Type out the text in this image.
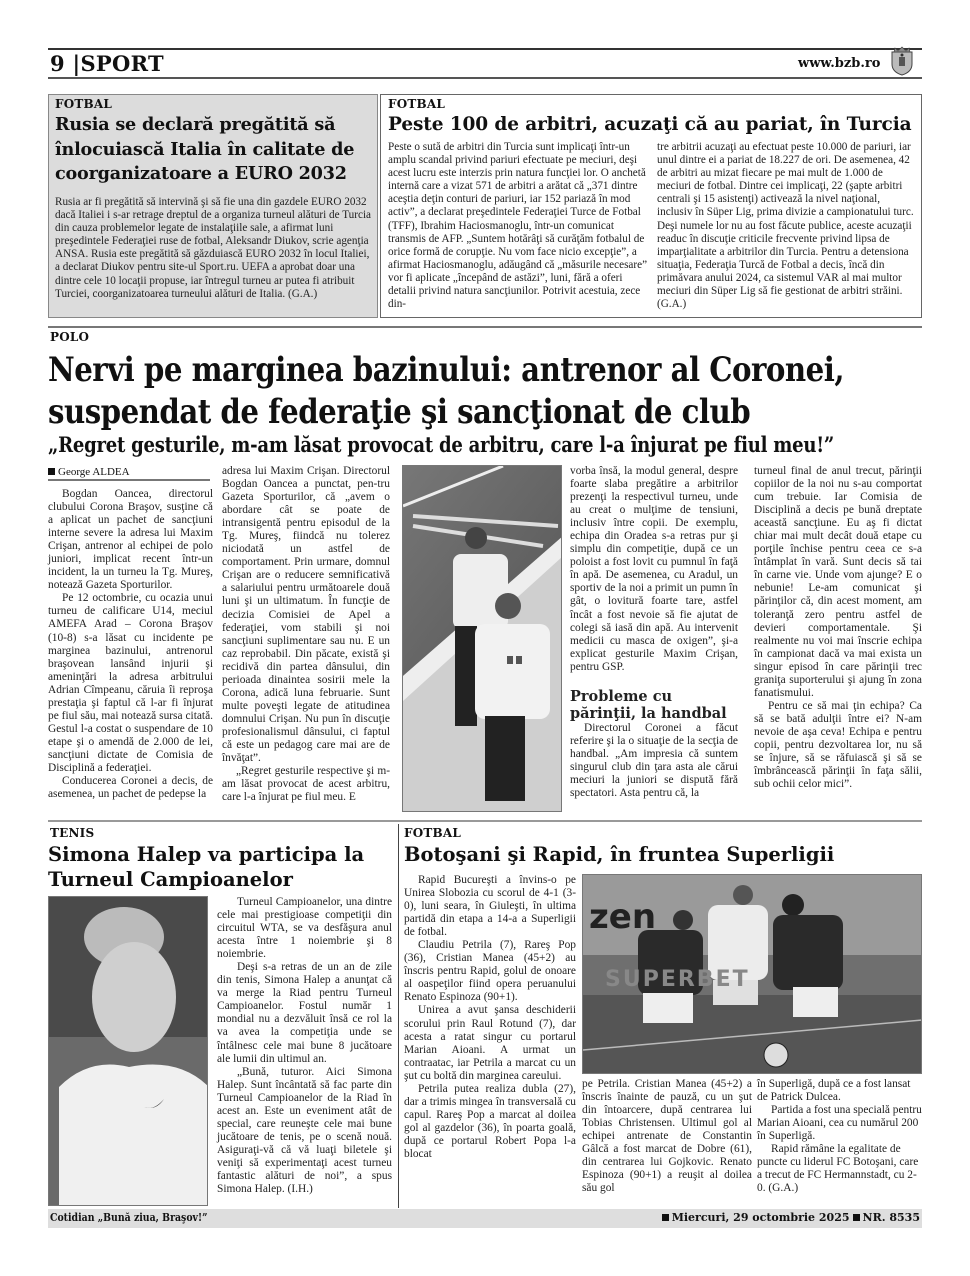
9 |SPORT	www.bzb.ro
FOTBAL
Rusia se declară pregătită să înlocuiască Italia în calitate de coorganizatoare a EURO 2032

Rusia ar fi pregătită să intervină şi să fie una din gazdele EURO 2032 dacă Italiei i s-ar retrage dreptul de a organiza turneul alături de Turcia din cauza problemelor legate de instalaţiile sale, a afirmat luni preşedintele Federaţiei ruse de fotbal, Aleksandr Diukov, scrie agenţia ANSA. Rusia este pregătită să găzduiască EURO 2032 în locul Italiei, a declarat Diukov pentru site-ul Sport.ru. UEFA a aprobat doar una dintre cele 10 locaţii propuse, iar întregul turneu ar putea fi atribuit Turciei, coorganizatoarea turneului alături de Italia. (G.A.)

FOTBAL
Peste 100 de arbitri, acuzaţi că au pariat, în Turcia

Peste o sută de arbitri din Turcia sunt implicaţi într-un amplu scandal privind pariuri efectuate pe meciuri, deşi acest lucru este interzis prin natura funcţiei lor. O anchetă internă care a vizat 571 de arbitri a arătat că „371 dintre aceştia deţin conturi de pariuri, iar 152 pariază în mod activ”, a declarat preşedintele Federaţiei Turce de Fotbal (TFF), Ibrahim Haciosmanoglu, într-un comunicat transmis de AFP. „Suntem hotărâţi să curăţăm fotbalul de orice formă de corupţie. Nu vom face nicio excepţie”, a afirmat Haciosmanoglu, adăugând că „măsurile necesare” vor fi aplicate „începând de astăzi”, luni, fără a oferi detalii privind natura sancţiunilor. Potrivit acestuia, zece din-

tre arbitrii acuzaţi au efectuat peste 10.000 de pariuri, iar unul dintre ei a pariat de 18.227 de ori. De asemenea, 42 de arbitri au mizat fiecare pe mai mult de 1.000 de meciuri de fotbal. Dintre cei implicaţi, 22 (şapte arbitri centrali şi 15 asistenţi) activează la nivel naţional, inclusiv în Süper Lig, prima divizie a campionatului turc. Deşi numele lor nu au fost făcute publice, aceste acuzaţii readuc în discuţie criticile frecvente privind lipsa de imparţialitate a arbitrilor din Turcia. Pentru a detensiona situaţia, Federaţia Turcă de Fotbal a decis, încă din primăvara anului 2024, ca sistemul VAR al mai multor meciuri din Süper Lig să fie gestionat de arbitri străini. (G.A.)

POLO
Nervi pe marginea bazinului: antrenor al Coronei,
suspendat de federaţie şi sancţionat de club
„Regret gesturile, m-am lăsat provocat de arbitru, care l-a înjurat pe fiul meu!”
George ALDEA

Bogdan Oancea, directorul clubului Corona Braşov, susţine că a aplicat un pachet de sancţiuni interne severe la adresa lui Maxim Crişan, antrenor al echipei de polo juniori, implicat recent într-un incident, la un turneu la Tg. Mureş, notează Gazeta Sporturilor.

Pe 12 octombrie, cu ocazia unui turneu de calificare U14, meciul AMEFA Arad – Corona Braşov (10-8) s-a lăsat cu incidente pe marginea bazinului, antrenorul braşovean lansând injurii şi ameninţări la adresa arbitrului Adrian Cîmpeanu, căruia îi reproşa prestaţia şi faptul că l-ar fi înjurat pe fiul său, mai notează sursa citată. Gestul l-a costat o suspendare de 10 etape şi o amendă de 2.000 de lei, sancţiuni dictate de Comisia de Disciplină a federaţiei.

Conducerea Coronei a decis, de asemenea, un pachet de pedepse la

adresa lui Maxim Crişan. Directorul Bogdan Oancea a punctat, pen-tru Gazeta Sporturilor, că „avem o abordare cât se poate de intransigentă pentru episodul de la Tg. Mureş, fiindcă nu tolerez niciodată un astfel de comportament. Prin urmare, domnul Crişan are o reducere semnificativă a salariului pentru următoarele două luni şi un ultimatum. În funcţie de decizia Comisiei de Apel a federaţiei, vom stabili şi noi sancţiuni suplimentare sau nu. E un caz reprobabil. Din păcate, există şi recidivă din partea dânsului, din perioada dinaintea sosirii mele la Corona, adică luna februarie. Sunt multe poveşti legate de atitudinea domnului Crişan. Nu pun în discuţie profesionalismul dânsului, ci faptul că este un pedagog care mai are de învăţat”.

„Regret gesturile respective şi m-am lăsat provocat de acest arbitru, care l-a înjurat pe fiul meu. E

vorba însă, la modul general, despre foarte slaba pregătire a arbitrilor prezenţi la respectivul turneu, unde au creat o mulţime de tensiuni, inclusiv între copii. De exemplu, echipa din Oradea s-a retras pur şi simplu din competiţie, după ce un poloist a fost lovit cu pumnul în faţă în apă. De asemenea, cu Aradul, un sportiv de la noi a primit un pumn în gât, o lovitură foarte tare, astfel încât a fost nevoie să fie ajutat de colegi să iasă din apă. Au intervenit medicii cu masca de oxigen”, şi-a explicat gesturile Maxim Crişan, pentru GSP.

Probleme cu părinţii, la handbal

Directorul Coronei a făcut referire şi la o situaţie de la secţia de handbal. „Am impresia că suntem singurul club din ţara asta ale cărui meciuri la juniori se dispută fără spectatori. Asta pentru că, la

turneul final de anul trecut, părinţii copiilor de la noi nu s-au comportat cum trebuie. Iar Comisia de Disciplină a decis pe bună dreptate această sancţiune. Eu aş fi dictat chiar mai mult decât două etape cu porţile închise pentru ceea ce s-a întâmplat în vară. Sunt decis să tai în carne vie. Unde vom ajunge? E o nebunie! Le-am comunicat şi părinţilor că, din acest moment, am toleranţă zero pentru astfel de devieri comportamentale. Şi realmente nu voi mai înscrie echipa în campionat dacă va mai exista un singur episod în care părinţii trec graniţa suporterului şi ajung în zona fanatismului.

Pentru ce să mai ţin echipa? Ca să se bată adulţii între ei? N-am nevoie de aşa ceva! Echipa e pentru copii, pentru dezvoltarea lor, nu să se înjure, să se răfuiască şi să se îmbrâncească părinţii în faţa sălii, sub ochii celor mici”.

TENIS
Simona Halep va participa la Turneul Campioanelor

Turneul Campioanelor, una dintre cele mai prestigioase competiţii din circuitul WTA, se va desfăşura anul acesta între 1 noiembrie şi 8 noiembrie.

Deşi s-a retras de un an de zile din tenis, Simona Halep a anunţat că va merge la Riad pentru Turneul Campioanelor. Fostul număr 1 mondial nu a dezvăluit însă ce rol la va avea la competiţia unde se întâlnesc cele mai bune 8 jucătoare ale lumii din ultimul an.

„Bună, tuturor. Aici Simona Halep. Sunt încântată să fac parte din Turneul Campioanelor de la Riad în acest an. Este un eveniment atât de special, care reuneşte cele mai bune jucătoare de tenis, pe o scenă nouă. Asiguraţi-vă că vă luaţi biletele şi veniţi să experimentaţi acest turneu fantastic alături de noi”, a spus Simona Halep. (I.H.)

FOTBAL
Botoşani şi Rapid, în fruntea Superligii

Rapid Bucureşti a învins-o pe Unirea Slobozia cu scorul de 4-1 (3-0), luni seara, în Giuleşti, în ultima partidă din etapa a 14-a a Superligii de fotbal.

Claudiu Petrila (7), Rareş Pop (36), Cristian Manea (45+2) au înscris pentru Rapid, golul de onoare al oaspeţilor fiind opera peruanului Renato Espinoza (90+1).

Unirea a avut şansa deschiderii scorului prin Raul Rotund (7), dar acesta a ratat singur cu portarul Marian Aioani. A urmat un contraatac, iar Petrila a marcat cu un şut cu boltă din marginea careului.

Petrila putea realiza dubla (27), dar a trimis mingea în transversală cu capul. Rareş Pop a marcat al doilea gol al gazdelor (36), în poarta goală, după ce portarul Robert Popa l-a blocat

zen
SUPERBET

pe Petrila. Cristian Manea (45+2) a înscris înainte de pauză, cu un şut din întoarcere, după centrarea lui Tobias Christensen. Ultimul gol al echipei antrenate de Constantin Gâlcă a fost marcat de Dobre (61), din centrarea lui Gojkovic. Renato Espinoza (90+1) a reuşit al doilea său gol

în Superligă, după ce a fost lansat de Patrick Dulcea.

Partida a fost una specială pentru Marian Aioani, cea cu numărul 200 în Superligă.

Rapid rămâne la egalitate de puncte cu liderul FC Botoşani, care a trecut de FC Hermannstadt, cu 2-0. (G.A.)

Cotidian „Bună ziua, Braşov!”	Miercuri, 29 octombrie 2025 NR. 8535
